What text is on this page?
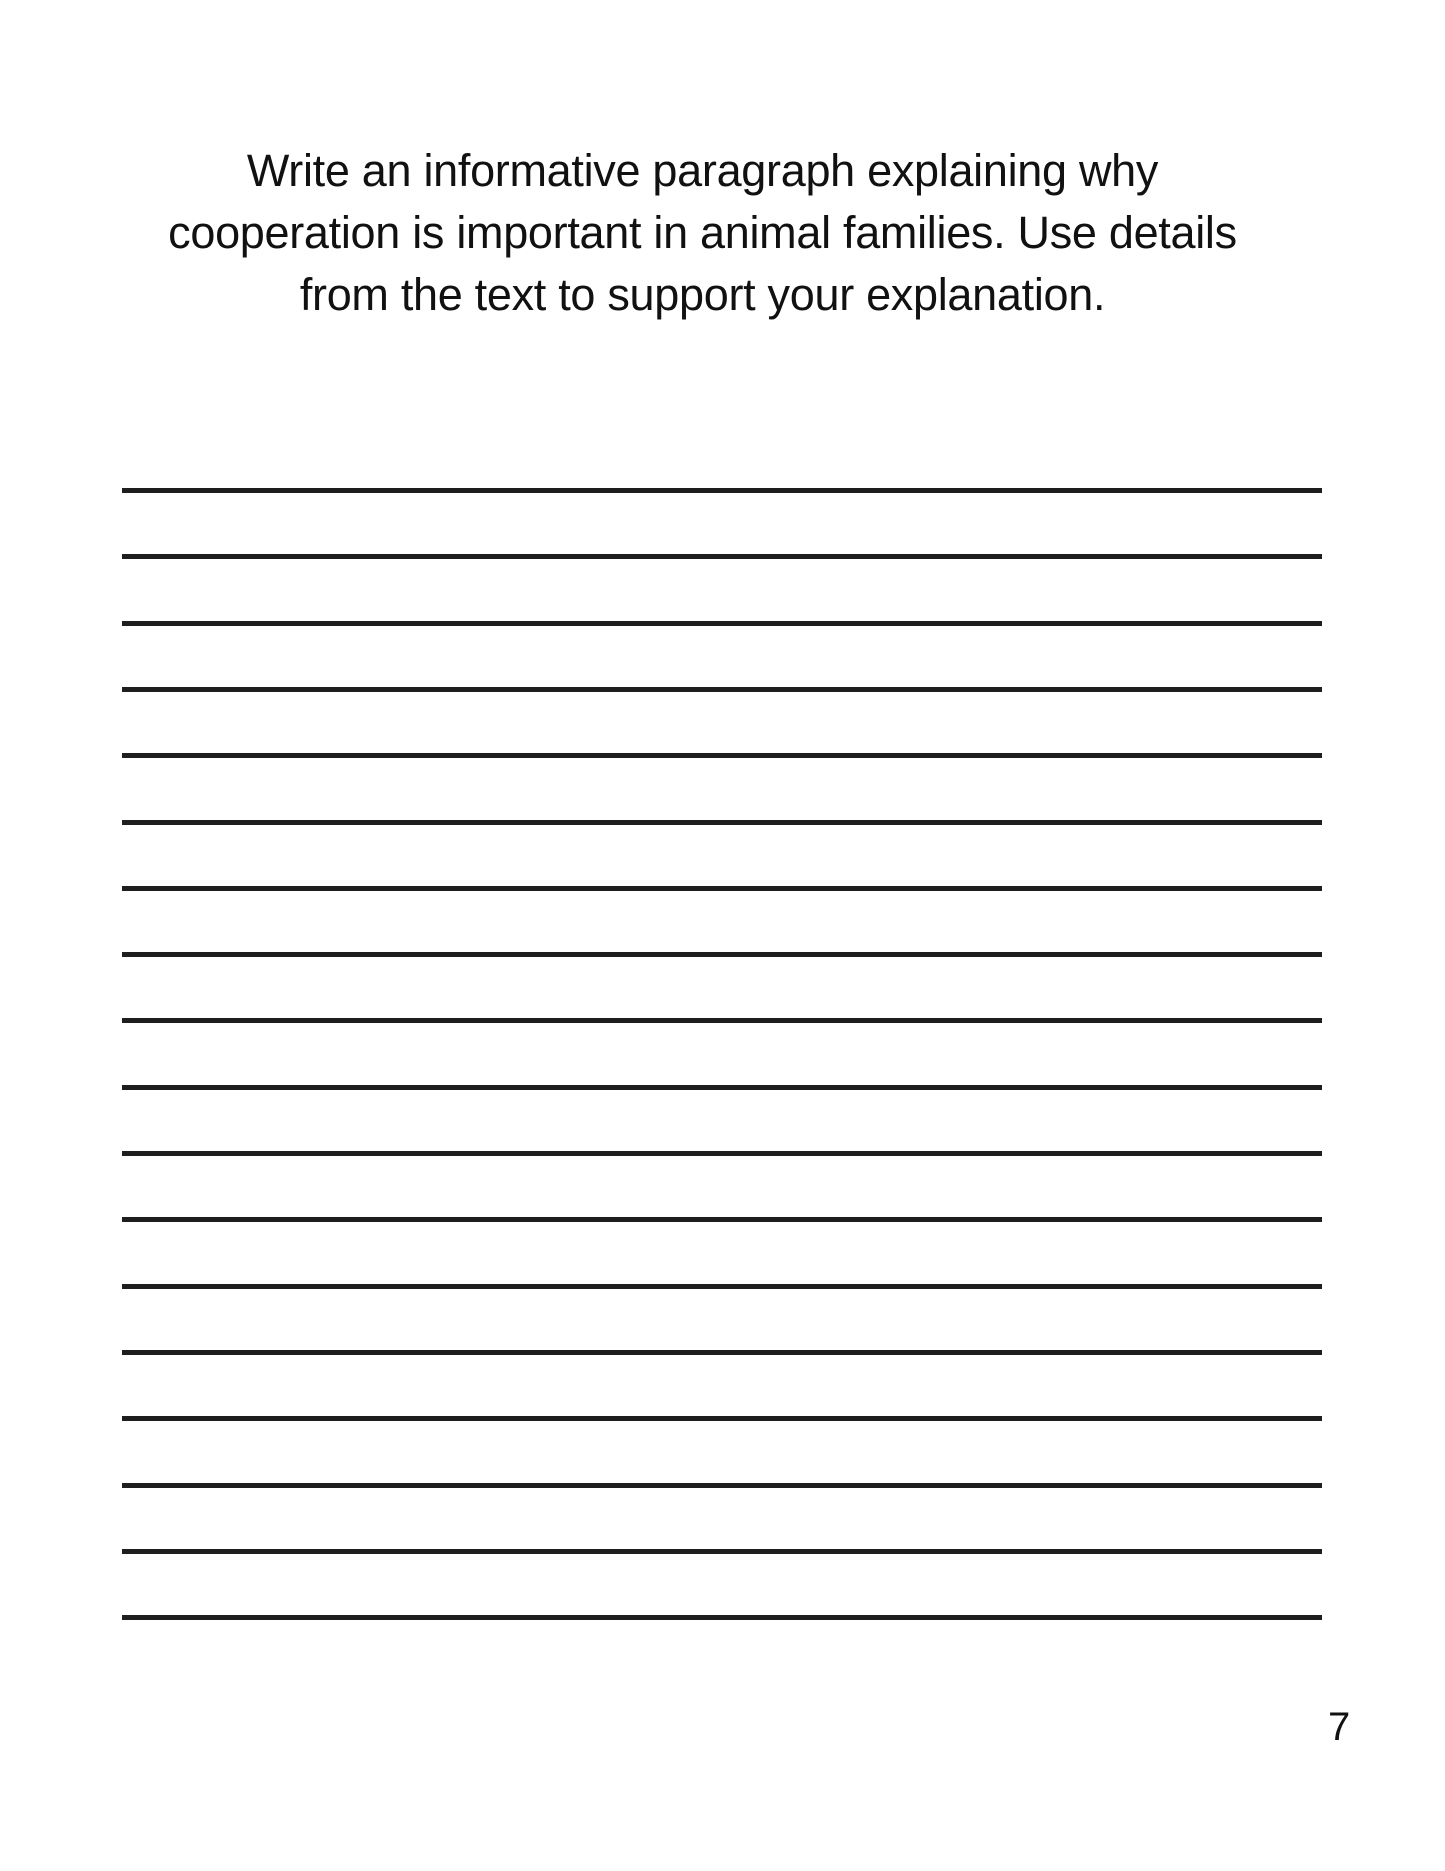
Write an informative paragraph explaining why
cooperation is important in animal families. Use details
from the text to support your explanation.
7
